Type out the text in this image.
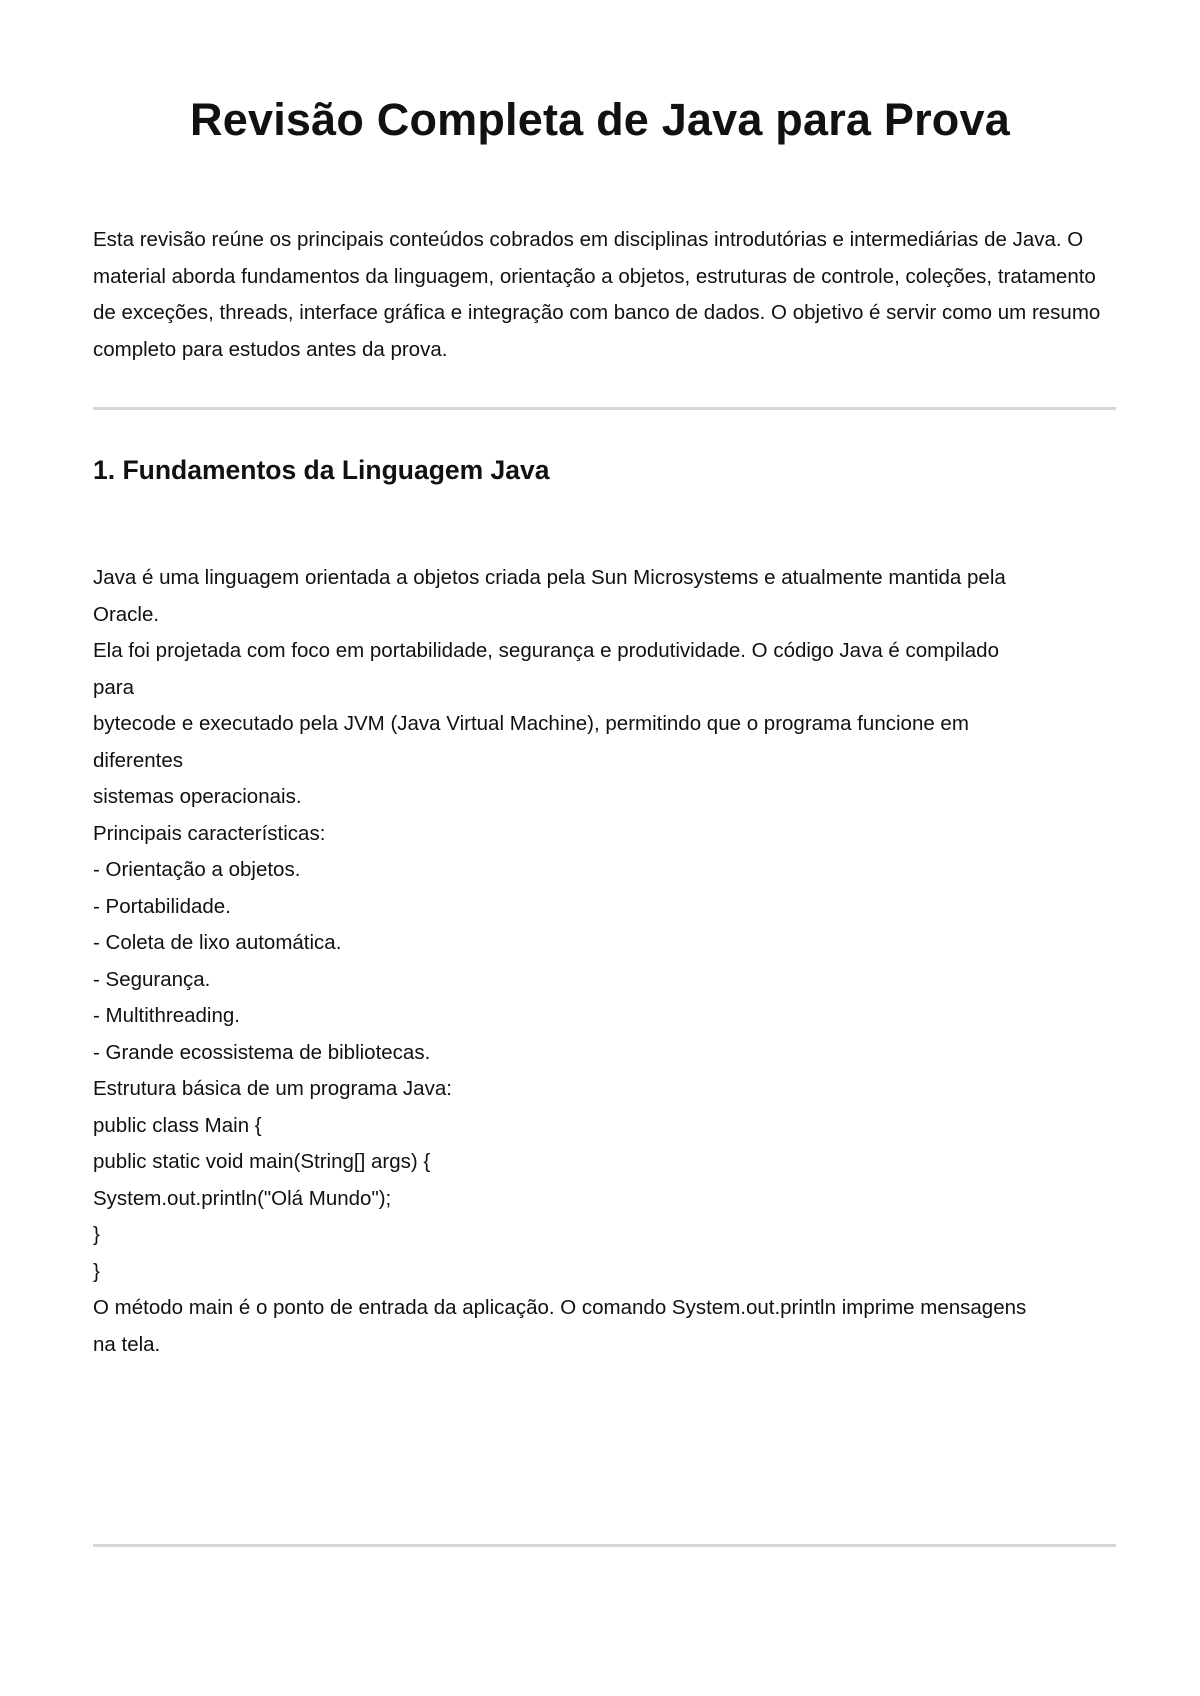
Revisão Completa de Java para Prova

Esta revisão reúne os principais conteúdos cobrados em disciplinas introdutórias e intermediárias de Java. O material aborda fundamentos da linguagem, orientação a objetos, estruturas de controle, coleções, tratamento de exceções, threads, interface gráfica e integração com banco de dados. O objetivo é servir como um resumo completo para estudos antes da prova.

1. Fundamentos da Linguagem Java
Java é uma linguagem orientada a objetos criada pela Sun Microsystems e atualmente mantida pela
Oracle.
Ela foi projetada com foco em portabilidade, segurança e produtividade. O código Java é compilado
para
bytecode e executado pela JVM (Java Virtual Machine), permitindo que o programa funcione em
diferentes
sistemas operacionais.
Principais características:
- Orientação a objetos.
- Portabilidade.
- Coleta de lixo automática.
- Segurança.
- Multithreading.
- Grande ecossistema de bibliotecas.
Estrutura básica de um programa Java:
public class Main {
public static void main(String[] args) {
System.out.println("Olá Mundo");
}
}
O método main é o ponto de entrada da aplicação. O comando System.out.println imprime mensagens
na tela.
